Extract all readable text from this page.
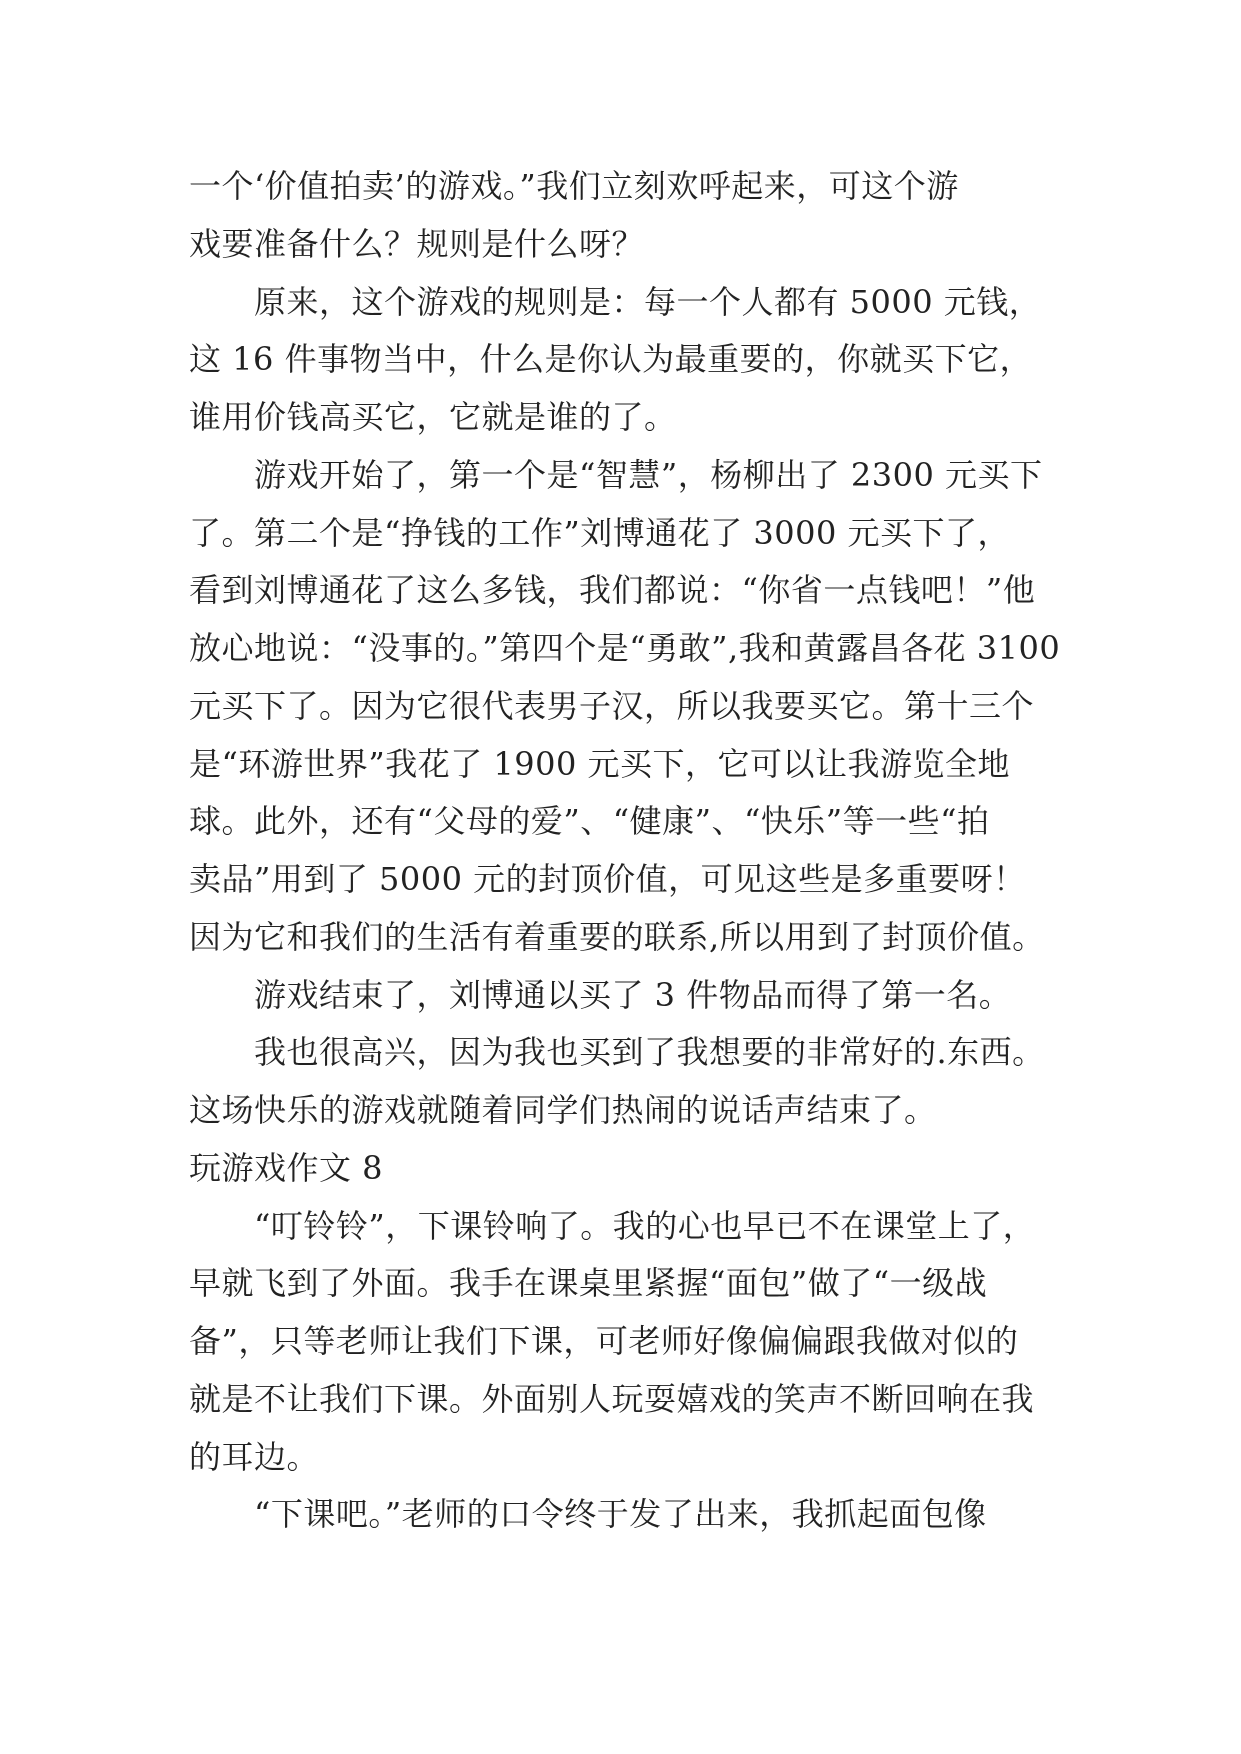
一个‘价值拍卖’的游戏。”我们立刻欢呼起来，可这个游
戏要准备什么？规则是什么呀？
原来，这个游戏的规则是：每一个人都有 5000 元钱，
这 16 件事物当中，什么是你认为最重要的，你就买下它，
谁用价钱高买它，它就是谁的了。
游戏开始了，第一个是“智慧”，杨柳出了 2300 元买下
了。第二个是“挣钱的工作”刘博通花了 3000 元买下了，
看到刘博通花了这么多钱，我们都说：“你省一点钱吧！”他
放心地说：“没事的。”第四个是“勇敢”,我和黄露昌各花 3100
元买下了。因为它很代表男子汉，所以我要买它。第十三个
是“环游世界”我花了 1900 元买下，它可以让我游览全地
球。此外，还有“父母的爱”、“健康”、“快乐”等一些“拍
卖品”用到了 5000 元的封顶价值，可见这些是多重要呀！
因为它和我们的生活有着重要的联系,所以用到了封顶价值。
游戏结束了，刘博通以买了 3 件物品而得了第一名。
我也很高兴，因为我也买到了我想要的非常好的.东西。
这场快乐的游戏就随着同学们热闹的说话声结束了。
玩游戏作文 8
“叮铃铃”，下课铃响了。我的心也早已不在课堂上了，
早就飞到了外面。我手在课桌里紧握“面包”做了“一级战
备”，只等老师让我们下课，可老师好像偏偏跟我做对似的
就是不让我们下课。外面别人玩耍嬉戏的笑声不断回响在我
的耳边。
“下课吧。”老师的口令终于发了出来，我抓起面包像
